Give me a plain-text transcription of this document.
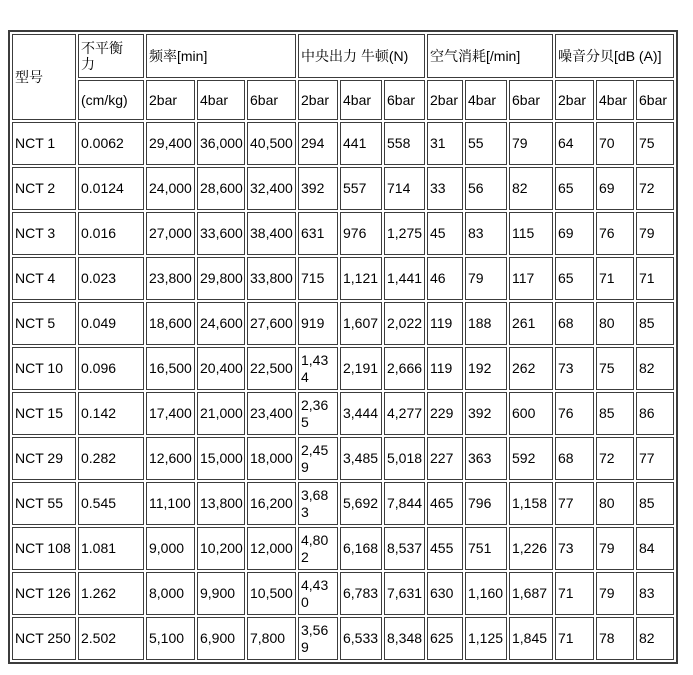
型号	不平衡力	频率[min]			中央出力 牛顿(N)			空气消耗[/min]			噪音分贝[dB (A)]		
	(cm/kg)	2bar	4bar	6bar	2bar	4bar	6bar	2bar	4bar	6bar	2bar	4bar	6bar
NCT 1	0.0062	29,400	36,000	40,500	294	441	558	31	55	79	64	70	75
NCT 2	0.0124	24,000	28,600	32,400	392	557	714	33	56	82	65	69	72
NCT 3	0.016	27,000	33,600	38,400	631	976	1,275	45	83	115	69	76	79
NCT 4	0.023	23,800	29,800	33,800	715	1,121	1,441	46	79	117	65	71	71
NCT 5	0.049	18,600	24,600	27,600	919	1,607	2,022	119	188	261	68	80	85
NCT 10	0.096	16,500	20,400	22,500	1,434	2,191	2,666	119	192	262	73	75	82
NCT 15	0.142	17,400	21,000	23,400	2,365	3,444	4,277	229	392	600	76	85	86
NCT 29	0.282	12,600	15,000	18,000	2,459	3,485	5,018	227	363	592	68	72	77
NCT 55	0.545	11,100	13,800	16,200	3,683	5,692	7,844	465	796	1,158	77	80	85
NCT 108	1.081	9,000	10,200	12,000	4,802	6,168	8,537	455	751	1,226	73	79	84
NCT 126	1.262	8,000	9,900	10,500	4,430	6,783	7,631	630	1,160	1,687	71	79	83
NCT 250	2.502	5,100	6,900	7,800	3,569	6,533	8,348	625	1,125	1,845	71	78	82
